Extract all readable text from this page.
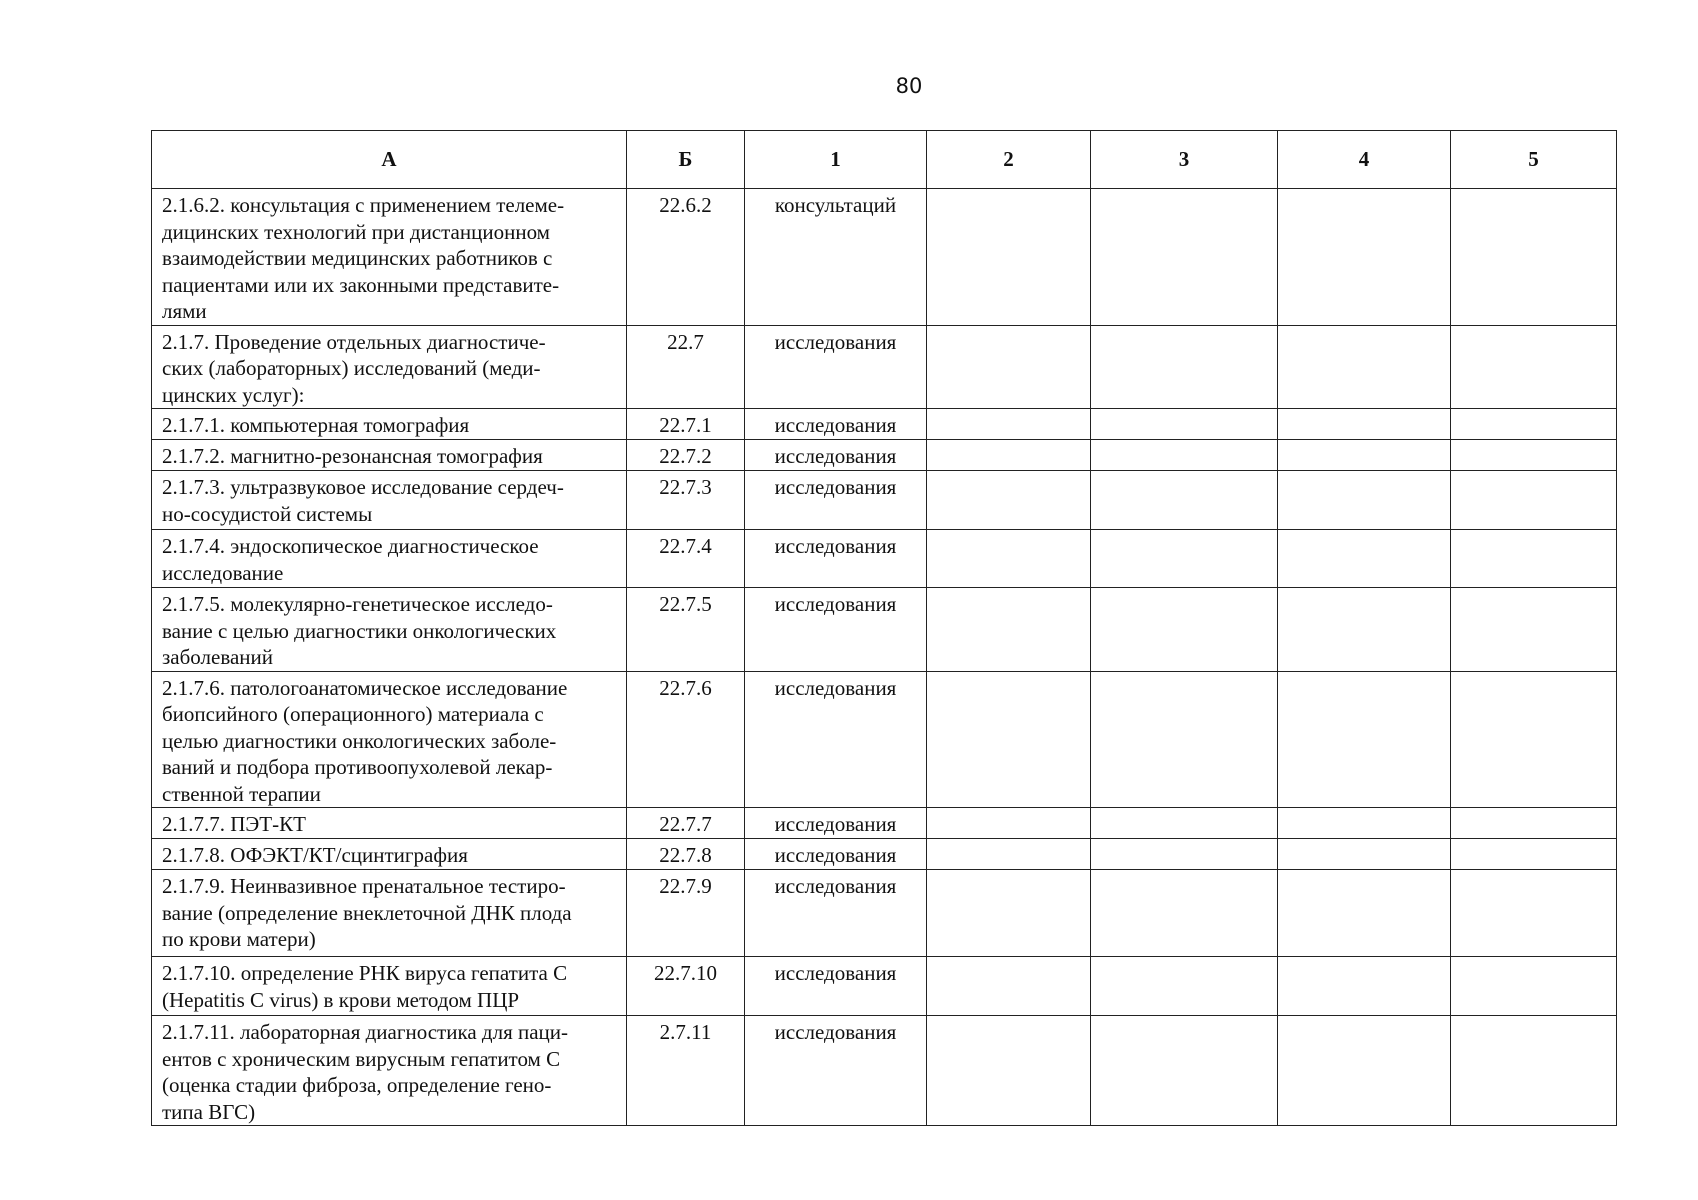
80
А	Б	1	2	3	4	5

2.1.6.2. консультация с применением телеме-
дицинских технологий при дистанционном
взаимодействии медицинских работников с
пациентами или их законными представите-
лями	22.6.2	консультаций				

2.1.7. Проведение отдельных диагностиче-
ских (лабораторных) исследований (меди-
цинских услуг):	22.7	исследования				

2.1.7.1. компьютерная томография	22.7.1	исследования				

2.1.7.2. магнитно-резонансная томография	22.7.2	исследования				

2.1.7.3. ультразвуковое исследование сердеч-
но-сосудистой системы	22.7.3	исследования				

2.1.7.4. эндоскопическое диагностическое
исследование	22.7.4	исследования				

2.1.7.5. молекулярно-генетическое исследо-
вание с целью диагностики онкологических
заболеваний	22.7.5	исследования				

2.1.7.6. патологоанатомическое исследование
биопсийного (операционного) материала с
целью диагностики онкологических заболе-
ваний и подбора противоопухолевой лекар-
ственной терапии	22.7.6	исследования				

2.1.7.7. ПЭТ-КТ	22.7.7	исследования				

2.1.7.8. ОФЭКТ/КТ/сцинтиграфия	22.7.8	исследования				

2.1.7.9. Неинвазивное пренатальное тестиро-
вание (определение внеклеточной ДНК плода
по крови матери)	22.7.9	исследования				

2.1.7.10. определение РНК вируса гепатита С
(Hepatitis C virus) в крови методом ПЦР	22.7.10	исследования				

2.1.7.11. лабораторная диагностика для паци-
ентов с хроническим вирусным гепатитом С
(оценка стадии фиброза, определение гено-
типа ВГС)	2.7.11	исследования				
